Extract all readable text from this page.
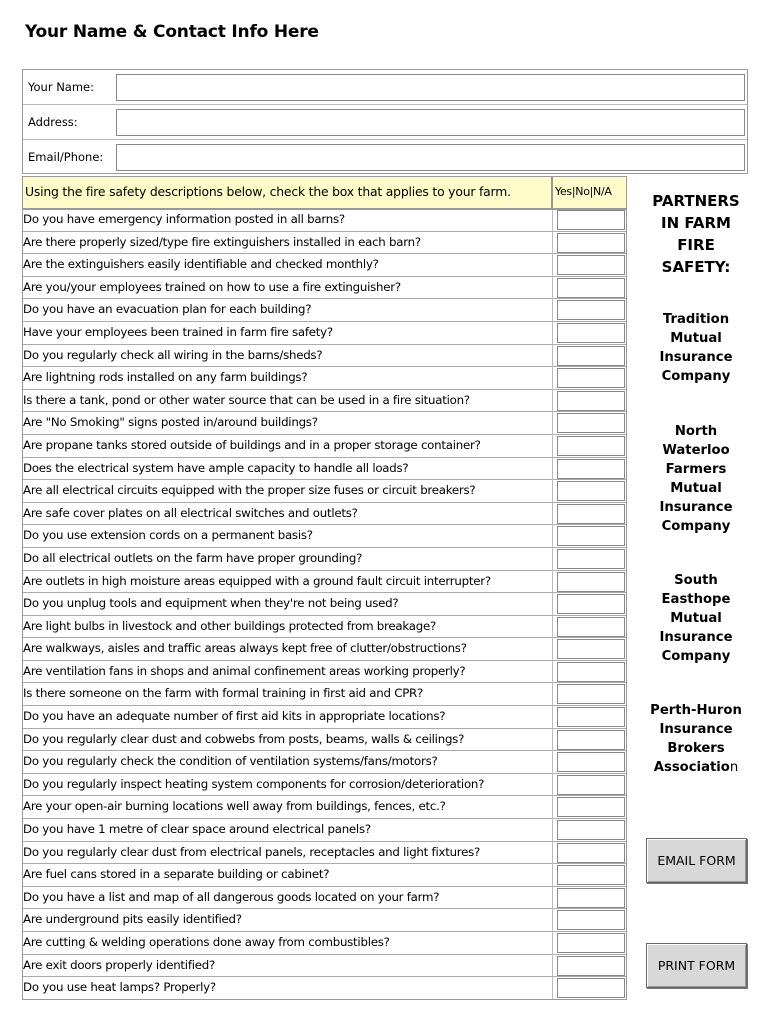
Your Name & Contact Info Here
Your Name:
Address:
Email/Phone:
Using the fire safety descriptions below, check the box that applies to your farm.	Yes|No|N/A
Do you have emergency information posted in all barns?
Are there properly sized/type fire extinguishers installed in each barn?
Are the extinguishers easily identifiable and checked monthly?
Are you/your employees trained on how to use a fire extinguisher?
Do you have an evacuation plan for each building?
Have your employees been trained in farm fire safety?
Do you regularly check all wiring in the barns/sheds?
Are lightning rods installed on any farm buildings?
Is there a tank, pond or other water source that can be used in a fire situation?
Are "No Smoking" signs posted in/around buildings?
Are propane tanks stored outside of buildings and in a proper storage container?
Does the electrical system have ample capacity to handle all loads?
Are all electrical circuits equipped with the proper size fuses or circuit breakers?
Are safe cover plates on all electrical switches and outlets?
Do you use extension cords on a permanent basis?
Do all electrical outlets on the farm have proper grounding?
Are outlets in high moisture areas equipped with a ground fault circuit interrupter?
Do you unplug tools and equipment when they're not being used?
Are light bulbs in livestock and other buildings protected from breakage?
Are walkways, aisles and traffic areas always kept free of clutter/obstructions?
Are ventilation fans in shops and animal confinement areas working properly?
Is there someone on the farm with formal training in first aid and CPR?
Do you have an adequate number of first aid kits in appropriate locations?
Do you regularly clear dust and cobwebs from posts, beams, walls & ceilings?
Do you regularly check the condition of ventilation systems/fans/motors?
Do you regularly inspect heating system components for corrosion/deterioration?
Are your open-air burning locations well away from buildings, fences, etc.?
Do you have 1 metre of clear space around electrical panels?
Do you regularly clear dust from electrical panels, receptacles and light fixtures?
Are fuel cans stored in a separate building or cabinet?
Do you have a list and map of all dangerous goods located on your farm?
Are underground pits easily identified?
Are cutting & welding operations done away from combustibles?
Are exit doors properly identified?
Do you use heat lamps? Properly?
PARTNERS
IN FARM
FIRE
SAFETY:
Tradition
Mutual
Insurance
Company
North
Waterloo
Farmers
Mutual
Insurance
Company
South
Easthope
Mutual
Insurance
Company
Perth-Huron
Insurance
Brokers
Association
EMAIL FORM
PRINT FORM
